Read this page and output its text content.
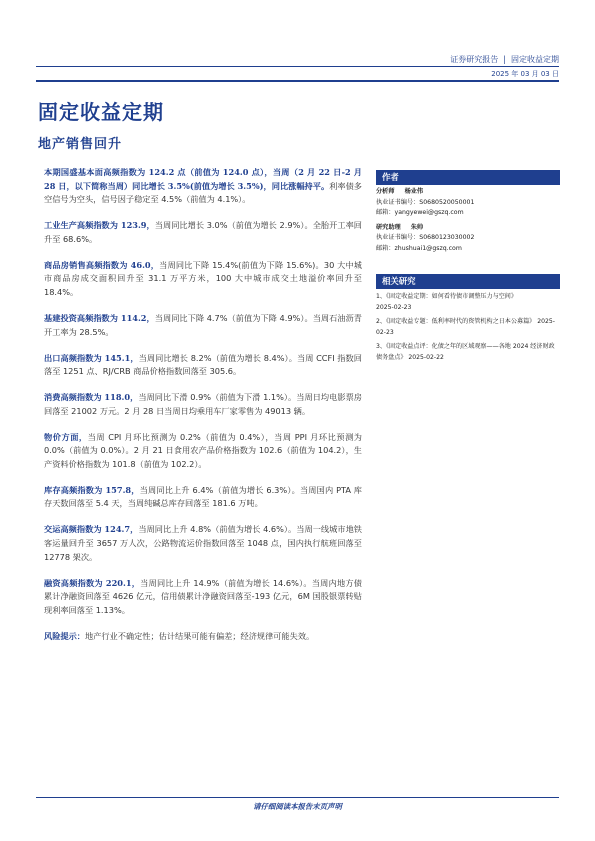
证券研究报告 | 固定收益定期
2025 年 03 月 03 日
固定收益定期
地产销售回升

本期国盛基本面高频指数为 124.2 点（前值为 124.0 点），当周（2 月 22 日-2 月 28 日，以下简称当周）同比增长 3.5%(前值为增长 3.5%)，同比涨幅持平。利率债多空信号为空头，信号因子稳定至 4.5%（前值为 4.1%）。

工业生产高频指数为 123.9，当周同比增长 3.0%（前值为增长 2.9%）。全胎开工率回升至 68.6%。

商品房销售高频指数为 46.0，当周同比下降 15.4%(前值为下降 15.6%)。30 大中城市商品房成交面积回升至 31.1 万平方米，100 大中城市成交土地溢价率回升至 18.4%。

基建投资高频指数为 114.2，当周同比下降 4.7%（前值为下降 4.9%）。当周石油沥青开工率为 28.5%。

出口高频指数为 145.1，当周同比增长 8.2%（前值为增长 8.4%）。当周 CCFI 指数回落至 1251 点、RJ/CRB 商品价格指数回落至 305.6。

消费高频指数为 118.0，当周同比下滑 0.9%（前值为下滑 1.1%）。当周日均电影票房回落至 21002 万元。2 月 28 日当周日均乘用车厂家零售为 49013 辆。

物价方面，当周 CPI 月环比预测为 0.2%（前值为 0.4%），当周 PPI 月环比预测为 0.0%（前值为 0.0%）。2 月 21 日食用农产品价格指数为 102.6（前值为 104.2），生产资料价格指数为 101.8（前值为 102.2）。

库存高频指数为 157.8，当周同比上升 6.4%（前值为增长 6.3%）。当周国内 PTA 库存天数回落至 5.4 天，当周纯碱总库存回落至 181.6 万吨。

交运高频指数为 124.7，当周同比上升 4.8%（前值为增长 4.6%）。当周一线城市地铁客运量回升至 3657 万人次，公路物流运价指数回落至 1048 点，国内执行航班回落至 12778 架次。

融资高频指数为 220.1，当周同比上升 14.9%（前值为增长 14.6%）。当周内地方债累计净融资回落至 4626 亿元，信用债累计净融资回落至-193 亿元，6M 国股银票转贴现利率回落至 1.13%。

风险提示：地产行业不确定性；估计结果可能有偏差；经济规律可能失效。

作者
分析师 杨业伟
执业证书编号：S0680520050001
邮箱：yangyewei@gszq.com
研究助理 朱帅
执业证书编号：S0680123030002
邮箱：zhushuai1@gszq.com
相关研究
1、《固定收益定期：如何看待债市调整压力与空间》
2025-02-23
2、《固定收益专题：低利率时代的资管机构之日本公募篇》 2025-02-23
3、《固定收益点评：化债之年的区域观察——各地 2024 经济财政债务盘点》 2025-02-22
请仔细阅读本报告末页声明
